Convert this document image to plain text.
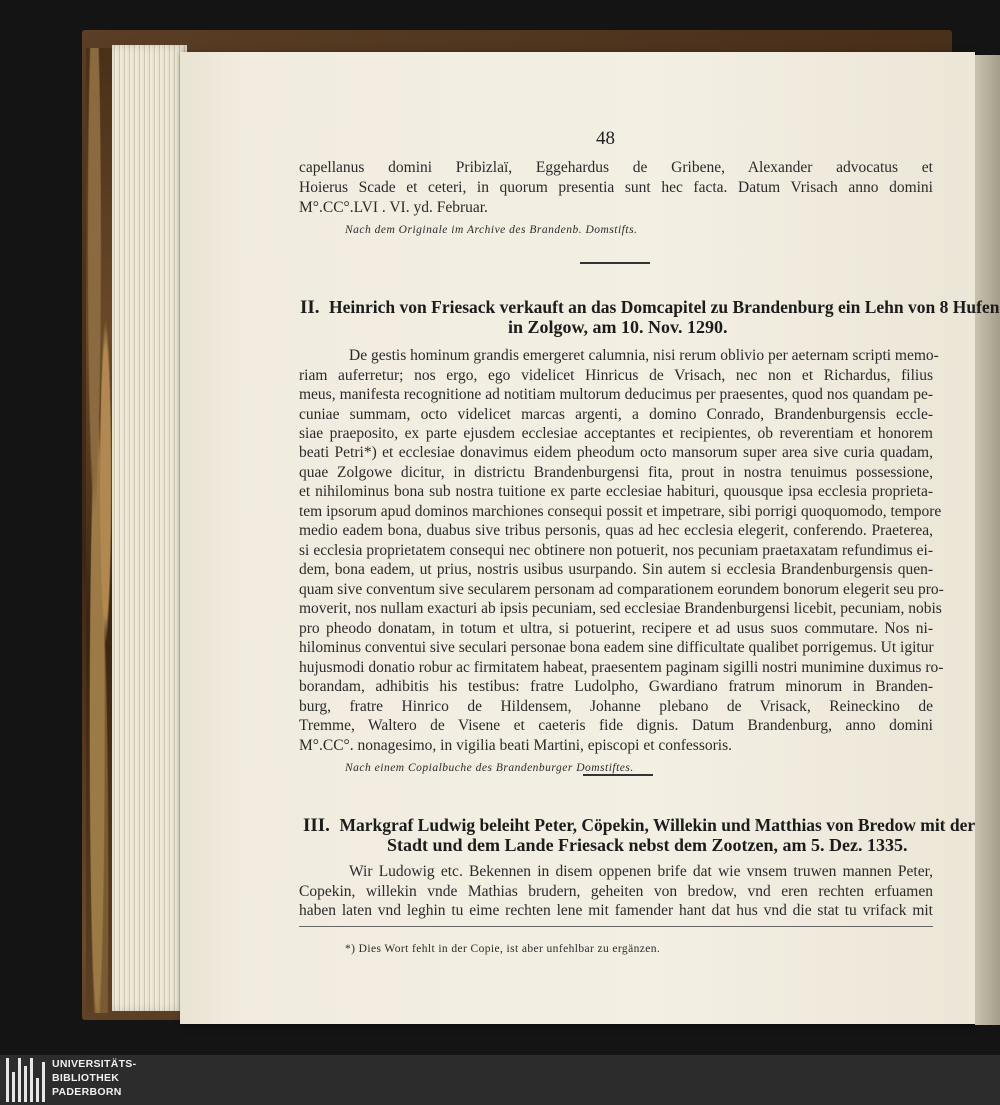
48
capellanus domini Pribizlaï, Eggehardus de Gribene, Alexander advocatus et
Hoierus Scade et ceteri, in quorum presentia sunt hec facta. Datum Vrisach anno domini
M°.CC°.LVI . VI. yd. Februar.
Nach dem Originale im Archive des Brandenb. Domstifts.
II. Heinrich von Friesack verkauft an das Domcapitel zu Brandenburg ein Lehn von 8 Hufen
in Zolgow, am 10. Nov. 1290.
De gestis hominum grandis emergeret calumnia, nisi rerum oblivio per aeternam scripti memo-
riam auferretur; nos ergo, ego videlicet Hinricus de Vrisach, nec non et Richardus, filius
meus, manifesta recognitione ad notitiam multorum deducimus per praesentes, quod nos quandam pe-
cuniae summam, octo videlicet marcas argenti, a domino Conrado, Brandenburgensis eccle-
siae praeposito, ex parte ejusdem ecclesiae acceptantes et recipientes, ob reverentiam et honorem
beati Petri*) et ecclesiae donavimus eidem pheodum octo mansorum super area sive curia quadam,
quae Zolgowe dicitur, in districtu Brandenburgensi fita, prout in nostra tenuimus possessione,
et nihilominus bona sub nostra tuitione ex parte ecclesiae habituri, quousque ipsa ecclesia proprieta-
tem ipsorum apud dominos marchiones consequi possit et impetrare, sibi porrigi quoquomodo, tempore
medio eadem bona, duabus sive tribus personis, quas ad hec ecclesia elegerit, conferendo. Praeterea,
si ecclesia proprietatem consequi nec obtinere non potuerit, nos pecuniam praetaxatam refundimus ei-
dem, bona eadem, ut prius, nostris usibus usurpando. Sin autem si ecclesia Brandenburgensis quen-
quam sive conventum sive secularem personam ad comparationem eorundem bonorum elegerit seu pro-
moverit, nos nullam exacturi ab ipsis pecuniam, sed ecclesiae Brandenburgensi licebit, pecuniam, nobis
pro pheodo donatam, in totum et ultra, si potuerint, recipere et ad usus suos commutare. Nos ni-
hilominus conventui sive seculari personae bona eadem sine difficultate qualibet porrigemus. Ut igitur
hujusmodi donatio robur ac firmitatem habeat, praesentem paginam sigilli nostri munimine duximus ro-
borandam, adhibitis his testibus: fratre Ludolpho, Gwardiano fratrum minorum in Branden-
burg, fratre Hinrico de Hildensem, Johanne plebano de Vrisack, Reineckino de
Tremme, Waltero de Visene et caeteris fide dignis. Datum Brandenburg, anno domini
M°.CC°. nonagesimo, in vigilia beati Martini, episcopi et confessoris.
Nach einem Copialbuche des Brandenburger Domstiftes.
III. Markgraf Ludwig beleiht Peter, Cöpekin, Willekin und Matthias von Bredow mit der
Stadt und dem Lande Friesack nebst dem Zootzen, am 5. Dez. 1335.
Wir Ludowig etc. Bekennen in disem oppenen brife dat wie vnsem truwen mannen Peter,
Copekin, willekin vnde Mathias brudern, geheiten von bredow, vnd eren rechten erfuamen
haben laten vnd leghin tu eime rechten lene mit famender hant dat hus vnd die stat tu vrifack mit
*) Dies Wort fehlt in der Copie, ist aber unfehlbar zu ergänzen.
UNIVERSITÄTS-
BIBLIOTHEK
PADERBORN
